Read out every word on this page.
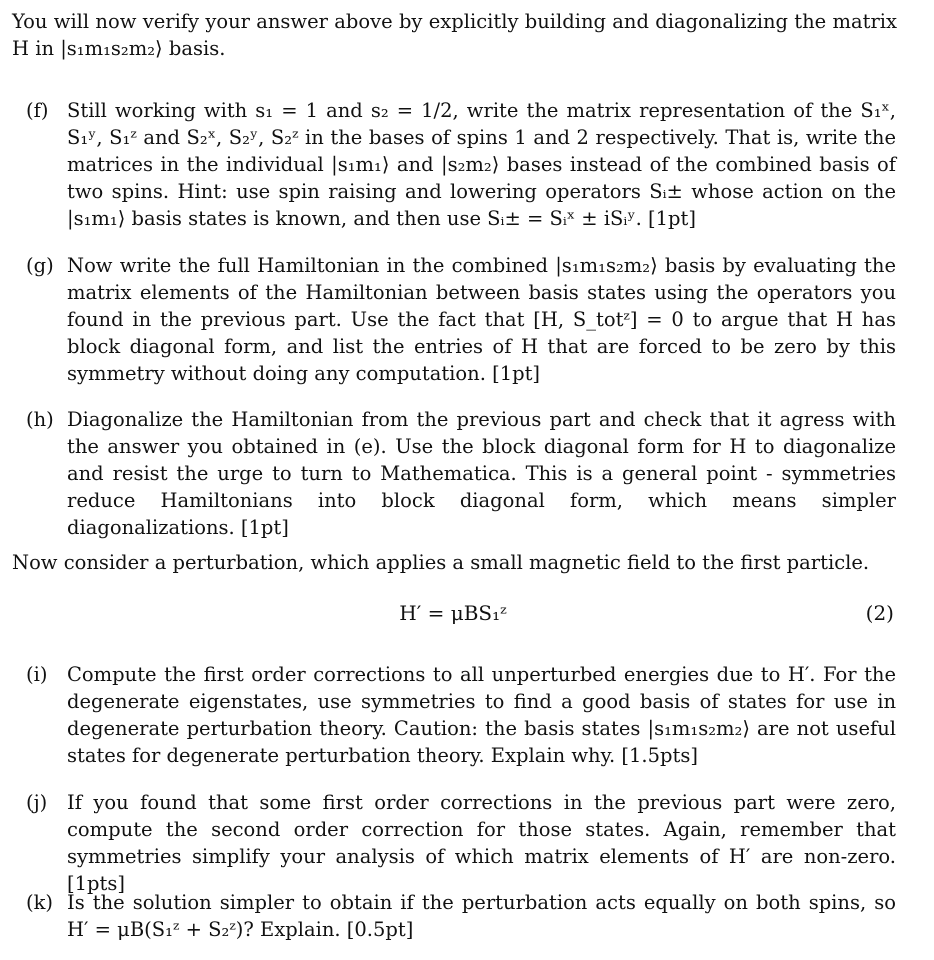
You will now verify your answer above by explicitly building and diagonalizing the matrix H in |s₁m₁s₂m₂⟩ basis.
(f) Still working with s₁ = 1 and s₂ = 1/2, write the matrix representation of the S₁ˣ, S₁ʸ, S₁ᶻ and S₂ˣ, S₂ʸ, S₂ᶻ in the bases of spins 1 and 2 respectively. That is, write the matrices in the individual |s₁m₁⟩ and |s₂m₂⟩ bases instead of the combined basis of two spins. Hint: use spin raising and lowering operators Sᵢ± whose action on the |s₁m₁⟩ basis states is known, and then use Sᵢ± = Sᵢˣ ± iSᵢʸ. [1pt]
(g) Now write the full Hamiltonian in the combined |s₁m₁s₂m₂⟩ basis by evaluating the matrix elements of the Hamiltonian between basis states using the operators you found in the previous part. Use the fact that [H, S_totᶻ] = 0 to argue that H has block diagonal form, and list the entries of H that are forced to be zero by this symmetry without doing any computation. [1pt]
(h) Diagonalize the Hamiltonian from the previous part and check that it agress with the answer you obtained in (e). Use the block diagonal form for H to diagonalize and resist the urge to turn to Mathematica. This is a general point - symmetries reduce Hamiltonians into block diagonal form, which means simpler diagonalizations. [1pt]
Now consider a perturbation, which applies a small magnetic field to the first particle.
H′ = μBS₁ᶻ	(2)
(i)	Compute the first order corrections to all unperturbed energies due to H′. For the degenerate eigenstates, use symmetries to find a good basis of states for use in degenerate perturbation theory. Caution: the basis states |s₁m₁s₂m₂⟩ are not useful states for degenerate perturbation theory. Explain why. [1.5pts]
(j)	If you found that some first order corrections in the previous part were zero, compute the second order correction for those states. Again, remember that symmetries simplify your analysis of which matrix elements of H′ are non-zero. [1pts]
(k) Is the solution simpler to obtain if the perturbation acts equally on both spins, so H′ = μB(S₁ᶻ + S₂ᶻ)? Explain. [0.5pt]
